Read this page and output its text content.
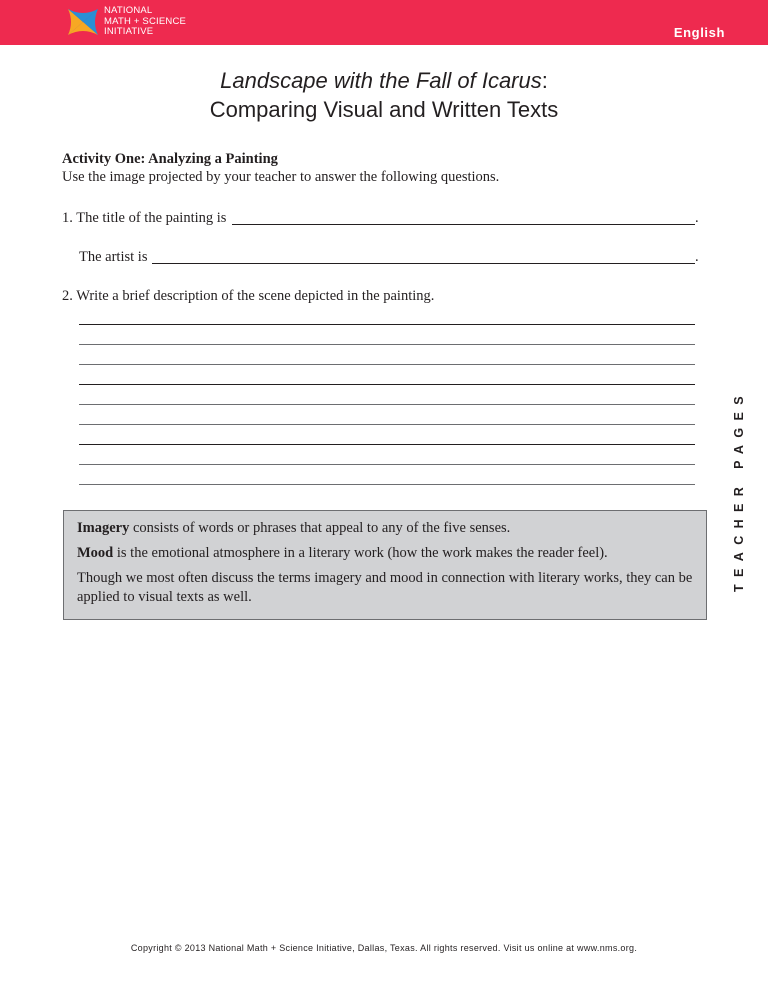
NATIONAL
MATH + SCIENCE
INITIATIVE	English
Landscape with the Fall of Icarus:
Comparing Visual and Written Texts
Activity One: Analyzing a Painting
Use the image projected by your teacher to answer the following questions.
1. The title of the painting is	.
The artist is	.
2. Write a brief description of the scene depicted in the painting.

Imagery consists of words or phrases that appeal to any of the five senses.

Mood is the emotional atmosphere in a literary work (how the work makes the reader feel).

Though we most often discuss the terms imagery and mood in connection with literary works, they can be applied to visual texts as well.

TEACHER PAGES
Copyright © 2013 National Math + Science Initiative, Dallas, Texas. All rights reserved. Visit us online at www.nms.org.
